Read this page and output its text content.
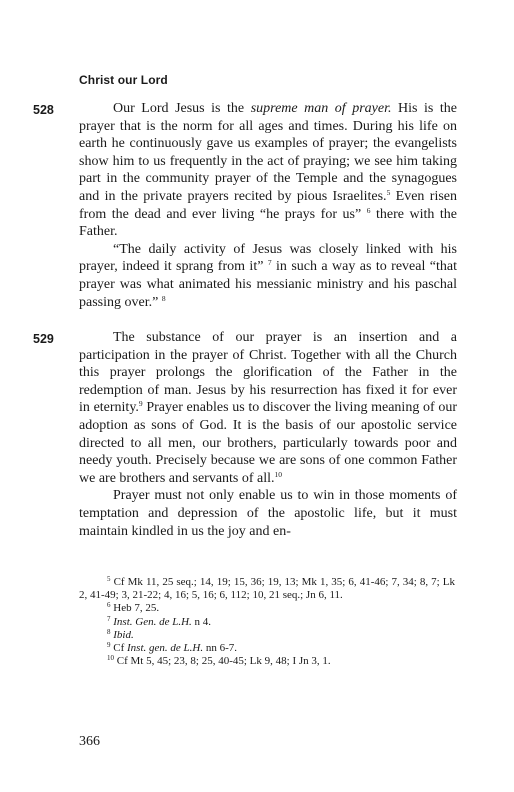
Christ our Lord
528
529

Our Lord Jesus is the supreme man of prayer. His is the prayer that is the norm for all ages and times. During his life on earth he continuously gave us examples of prayer; the evangelists show him to us frequently in the act of praying; we see him taking part in the community prayer of the Temple and the synagogues and in the private prayers recited by pious Israelites.$^5$ Even risen from the dead and ever living “he prays for us” $^6$ there with the Father.

“The daily activity of Jesus was closely linked with his prayer, indeed it sprang from it” $^7$ in such a way as to reveal “that prayer was what animated his messianic ministry and his paschal passing over.” $^8$

The substance of our prayer is an insertion and a participation in the prayer of Christ. Together with all the Church this prayer prolongs the glorification of the Father in the redemption of man. Jesus by his resurrection has fixed it for ever in eternity.$^9$ Prayer enables us to discover the living meaning of our adoption as sons of God. It is the basis of our apostolic service directed to all men, our brothers, particularly towards poor and needy youth. Precisely because we are sons of one common Father we are brothers and servants of all.$^{10}$

Prayer must not only enable us to win in those moments of temptation and depression of the apostolic life, but it must maintain kindled in us the joy and en-

$^5$ Cf Mk 11, 25 seq.; 14, 19; 15, 36; 19, 13; Mk 1, 35; 6, 41-46; 7, 34; 8, 7; Lk 2, 41-49; 3, 21-22; 4, 16; 5, 16; 6, 112; 10, 21 seq.; Jn 6, 11.

$^6$ Heb 7, 25.

$^7$ Inst. Gen. de L.H. n 4.

$^8$ Ibid.

$^9$ Cf Inst. gen. de L.H. nn 6-7.

$^{10}$ Cf Mt 5, 45; 23, 8; 25, 40-45; Lk 9, 48; I Jn 3, 1.

366
